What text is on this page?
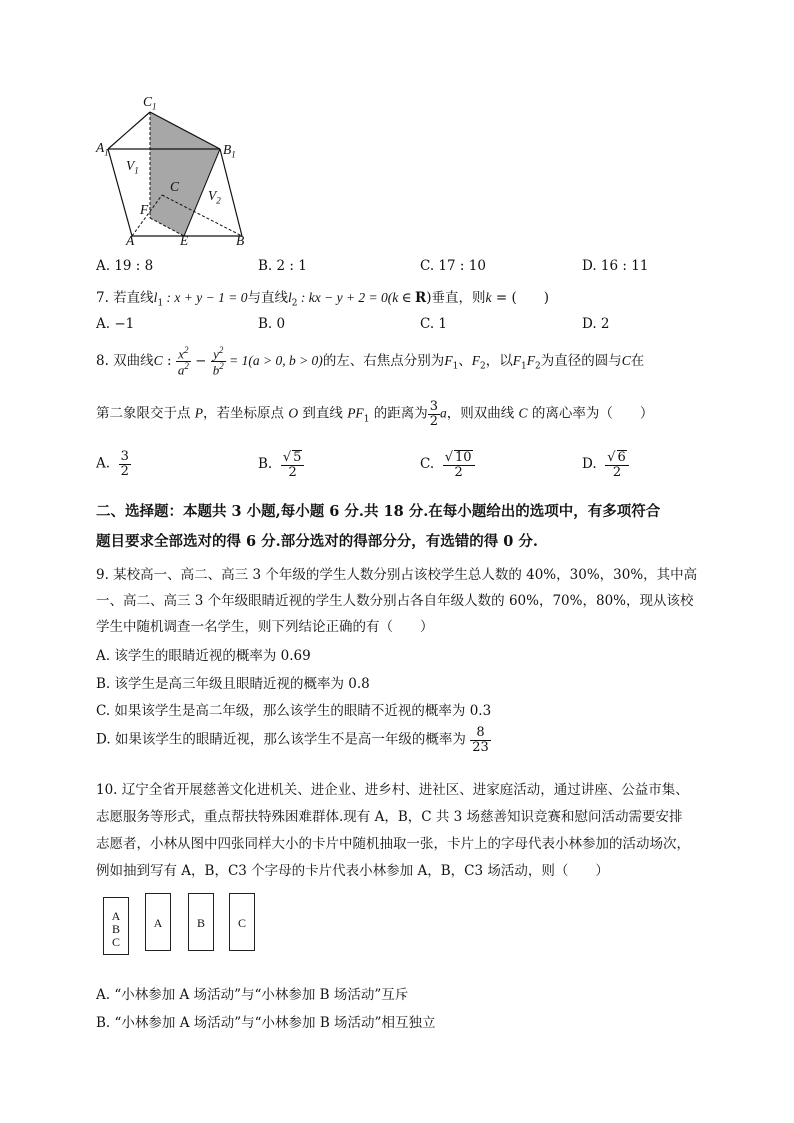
$C_1$
$A_1$	$B_1$
$V_1$
$V_2$
C
F
A	E	B
A. 19 : 8	B. 2 : 1	C. 17 : 10	D. 16 : 11
7. 若直线$l_1$ : x + y − 1 = 0与直线$l_2$ : kx − y + 2 = 0(k ∈ R)垂直，则k = (　　)
A. −1	B. 0	C. 1	D. 2
8. 双曲线C : $\frac{x^2}{a^2} - \frac{y^2}{b^2} = 1(a > 0$, b > 0)的左、右焦点分别为$F_1$、$F_2$，以$F_1F_2$为直径的圆与C在
第二象限交于点 P，若坐标原点 O 到直线 $PF_1$ 的距离为 $\frac{3}{2}$ a，则双曲线 C 的离心率为（　　）
A. $\frac{3}{2}$	B. $\frac{√ 5}{2}$	C. $\frac{√ 10}{2}$	D. $\frac{√ 6}{2}$
二、选择题：本题共 3 小题,每小题 6 分.共 18 分.在每小题给出的选项中，有多项符合
题目要求全部选对的得 6 分.部分选对的得部分分，有选错的得 0 分.
9. 某校高一、高二、高三 3 个年级的学生人数分别占该校学生总人数的 40%，30%，30%，其中高
一、高二、高三 3 个年级眼睛近视的学生人数分别占各自年级人数的 60%，70%，80%，现从该校
学生中随机调查一名学生，则下列结论正确的有（　　）
A. 该学生的眼睛近视的概率为 0.69
B. 该学生是高三年级且眼睛近视的概率为 0.8
C. 如果该学生是高二年级，那么该学生的眼睛不近视的概率为 0.3
D. 如果该学生的眼睛近视，那么该学生不是高一年级的概率为 $\frac{8}{23}$
10. 辽宁全省开展慈善文化进机关、进企业、进乡村、进社区、进家庭活动，通过讲座、公益市集、
志愿服务等形式，重点帮扶特殊困难群体.现有 A，B，C 共 3 场慈善知识竞赛和慰问活动需要安排
志愿者，小林从图中四张同样大小的卡片中随机抽取一张，卡片上的字母代表小林参加的活动场次，
例如抽到写有 A，B，C3 个字母的卡片代表小林参加 A，B，C3 场活动，则（　　）
A
B
C
A	B	C
A. “小林参加 A 场活动”与“小林参加 B 场活动”互斥
B. “小林参加 A 场活动”与“小林参加 B 场活动”相互独立
